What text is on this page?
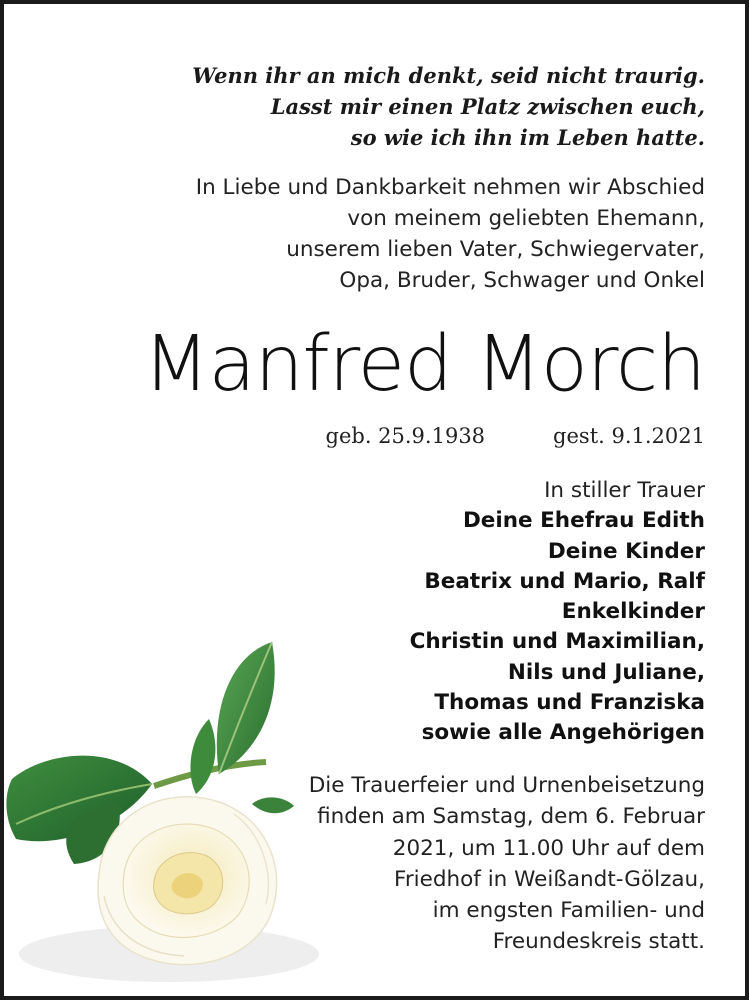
Wenn ihr an mich denkt, seid nicht traurig.
Lasst mir einen Platz zwischen euch,
so wie ich ihn im Leben hatte.
In Liebe und Dankbarkeit nehmen wir Abschied
von meinem geliebten Ehemann,
unserem lieben Vater, Schwiegervater,
Opa, Bruder, Schwager und Onkel
Manfred Morch
geb. 25.9.1938	gest. 9.1.2021
In stiller Trauer
Deine Ehefrau Edith
Deine Kinder
Beatrix und Mario, Ralf
Enkelkinder
Christin und Maximilian,
Nils und Juliane,
Thomas und Franziska
sowie alle Angehörigen
Die Trauerfeier und Urnenbeisetzung
finden am Samstag, dem 6. Februar
2021, um 11.00 Uhr auf dem
Friedhof in Weißandt-Gölzau,
im engsten Familien- und
Freundeskreis statt.
